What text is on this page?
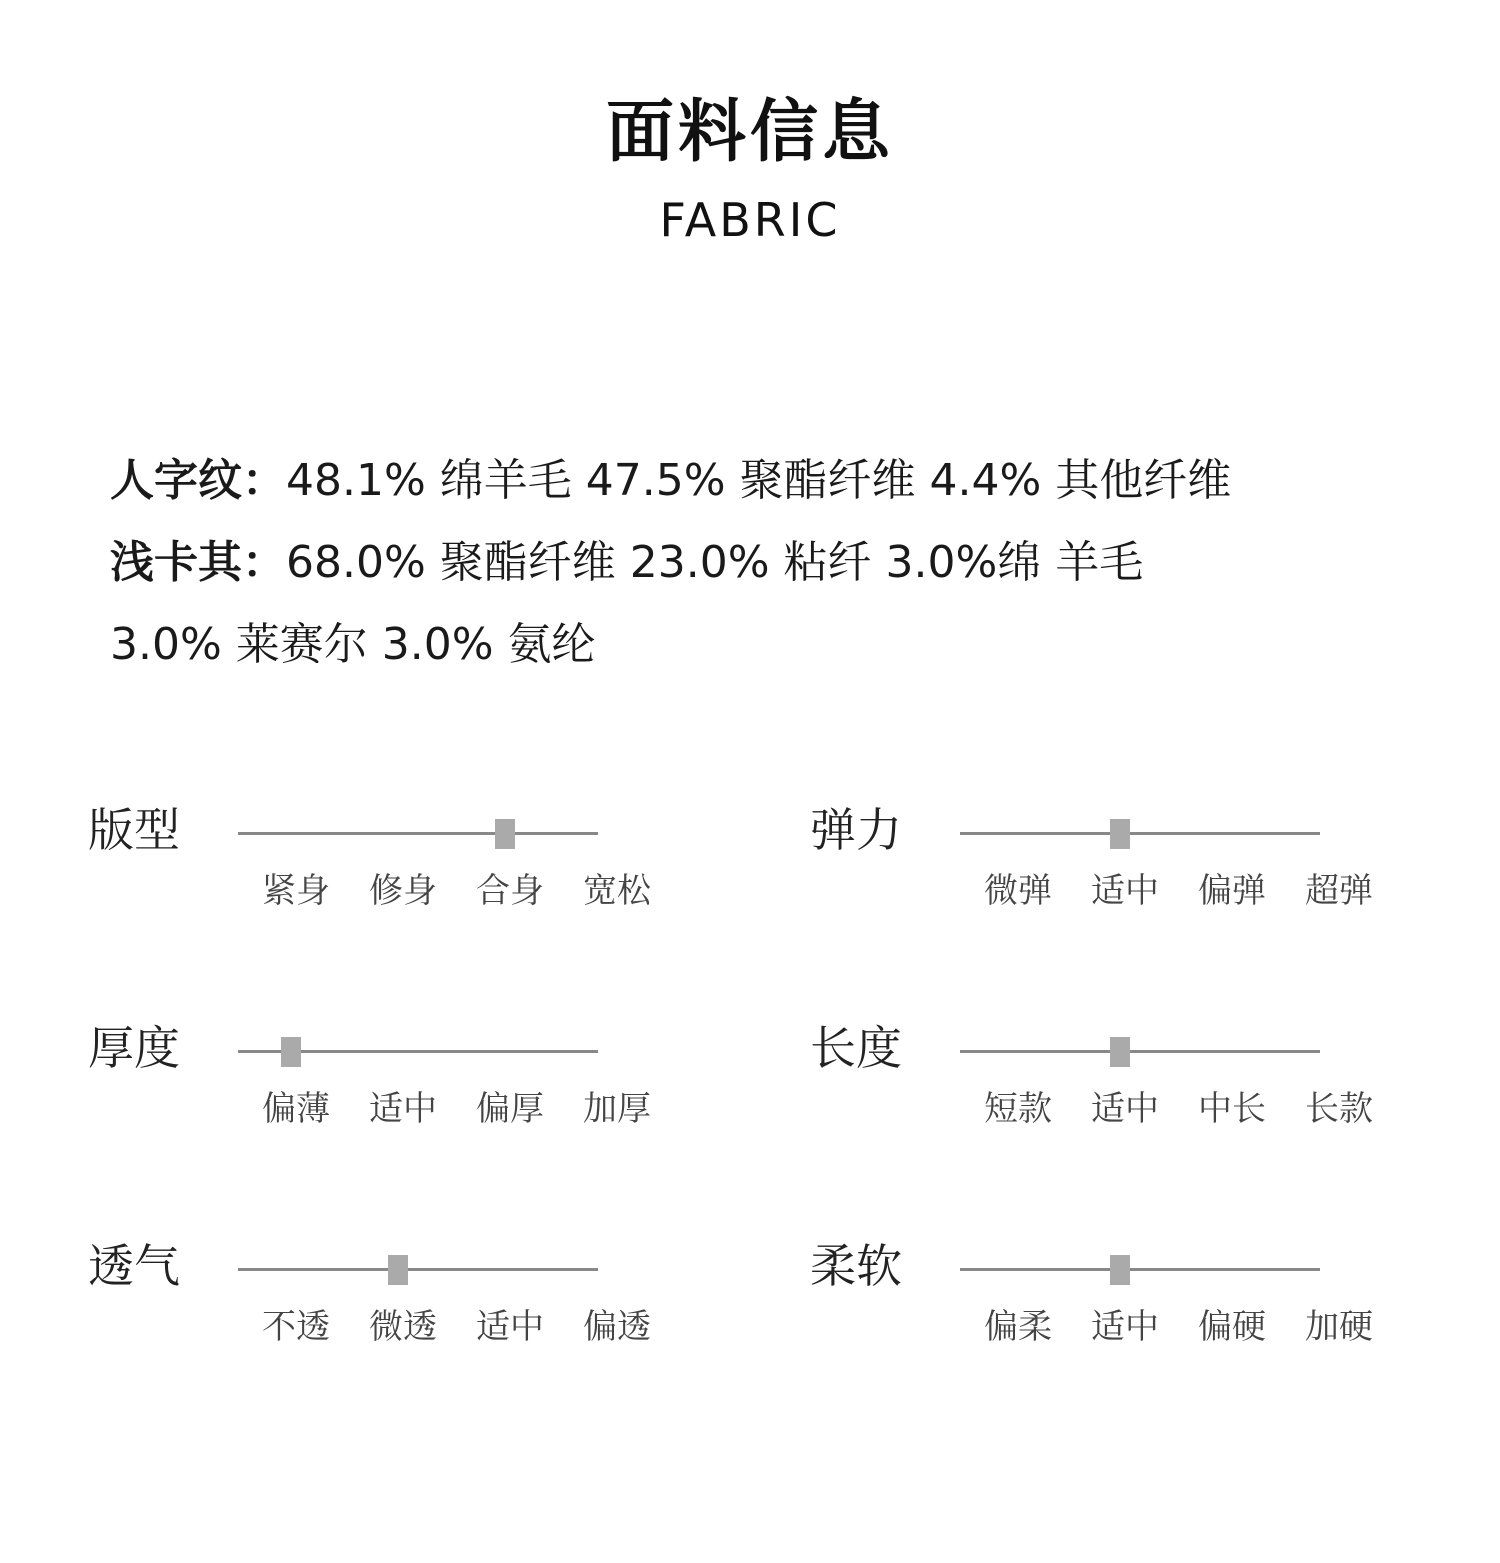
面料信息
FABRIC
人字纹：48.1% 绵羊毛 47.5% 聚酯纤维 4.4% 其他纤维
浅卡其：68.0% 聚酯纤维 23.0% 粘纤 3.0%绵 羊毛
3.0% 莱赛尔 3.0% 氨纶
版型
紧身 修身 合身 宽松
弹力
微弹 适中 偏弹 超弹
厚度
偏薄 适中 偏厚 加厚
长度
短款 适中 中长 长款
透气
不透 微透 适中 偏透
柔软
偏柔 适中 偏硬 加硬
